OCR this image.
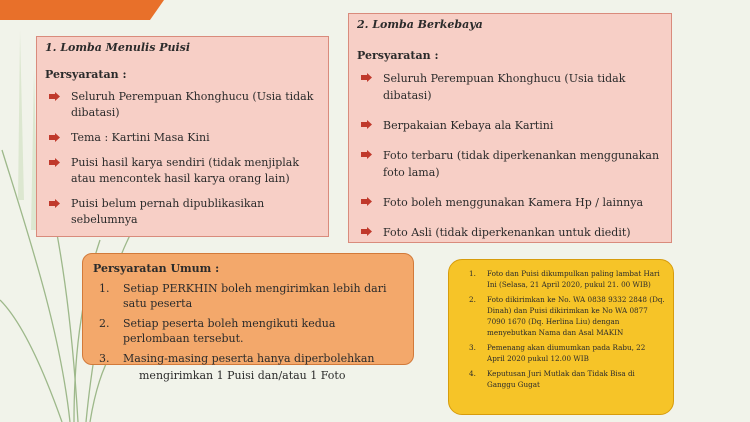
1. Lomba Menulis Puisi
Persyaratan :
Seluruh Perempuan Khonghucu (Usia tidak dibatasi)
Tema : Kartini Masa Kini
Puisi hasil karya sendiri (tidak menjiplak atau mencontek hasil karya orang lain)
Puisi belum pernah dipublikasikan sebelumnya
2. Lomba Berkebaya
Persyaratan :
Seluruh Perempuan Khonghucu (Usia tidak dibatasi)
Berpakaian Kebaya ala Kartini
Foto terbaru (tidak diperkenankan menggunakan foto lama)
Foto boleh menggunakan Kamera Hp / lainnya
Foto Asli (tidak diperkenankan untuk diedit)
Persyaratan Umum :
1. Setiap PERKHIN boleh mengirimkan lebih dari satu peserta
2. Setiap peserta boleh mengikuti kedua perlombaan tersebut.
3. Masing-masing peserta hanya diperbolehkan
mengirimkan 1 Puisi dan/atau 1 Foto
1. Foto dan Puisi dikumpulkan paling lambat Hari Ini (Selasa, 21 April 2020, pukul 21. 00 WIB)
2. Foto dikirimkan ke No. WA 0838 9332 2848 (Dq. Dinah) dan Puisi dikirimkan ke No WA 0877 7090 1670 (Dq. Herlina Liu) dengan menyebutkan Nama dan Asal MAKIN
3. Pemenang akan diumumkan pada Rabu, 22 April 2020 pukul 12.00 WIB
4. Keputusan Juri Mutlak dan Tidak Bisa di Ganggu Gugat
